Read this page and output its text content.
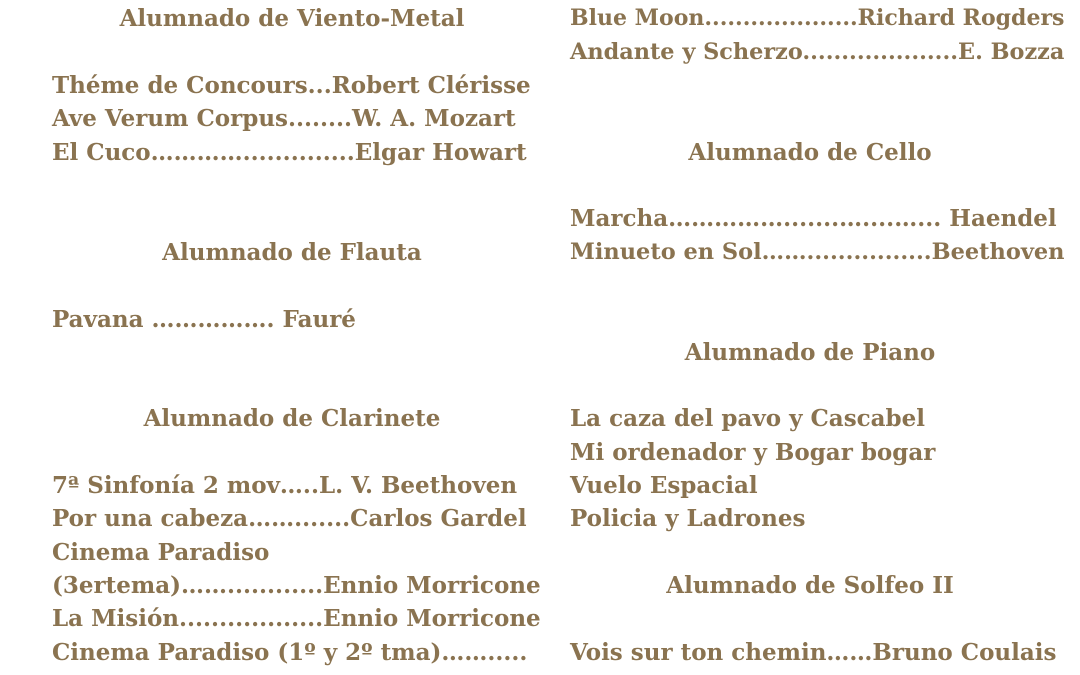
Alumnado de Viento-Metal
Théme de Concours...Robert Clérisse
Ave Verum Corpus........W. A. Mozart
El Cuco…………..............Elgar Howart
Alumnado de Flauta
Pavana ……………. Fauré
Alumnado de Clarinete
7ª Sinfonía 2 mov…..L. V. Beethoven
Por una cabeza…….......Carlos Gardel
Cinema Paradiso
(3ertema)……............Ennio Morricone
La Misión..................Ennio Morricone
Cinema Paradiso (1º y 2º tma)…….....
Blue Moon....................Richard Rogders
Andante y Scherzo....................E. Bozza
Alumnado de Cello
Marcha…………….......…....…... Haendel
Minueto en Sol……................Beethoven
Alumnado de Piano
La caza del pavo y Cascabel
Mi ordenador y Bogar bogar
Vuelo Espacial
Policia y Ladrones
Alumnado de Solfeo II
Vois sur ton chemin……Bruno Coulais
